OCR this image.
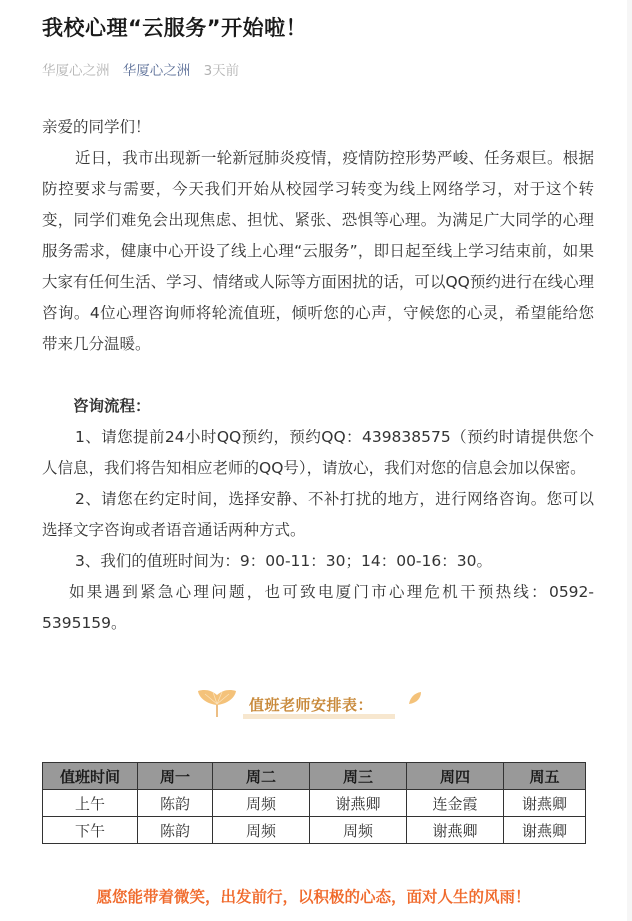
我校心理“云服务”开始啦！
华厦心之洲 华厦心之洲 3天前

亲爱的同学们！

近日，我市出现新一轮新冠肺炎疫情，疫情防控形势严峻、任务艰巨。根据防控要求与需要，今天我们开始从校园学习转变为线上网络学习，对于这个转变，同学们难免会出现焦虑、担忧、紧张、恐惧等心理。为满足广大同学的心理服务需求，健康中心开设了线上心理“云服务”，即日起至线上学习结束前，如果大家有任何生活、学习、情绪或人际等方面困扰的话，可以QQ预约进行在线心理咨询。4位心理咨询师将轮流值班，倾听您的心声，守候您的心灵，希望能给您带来几分温暖。

咨询流程：

1、请您提前24小时QQ预约，预约QQ：439838575（预约时请提供您个人信息，我们将告知相应老师的QQ号），请放心，我们对您的信息会加以保密。

2、请您在约定时间，选择安静、不补打扰的地方，进行网络咨询。您可以选择文字咨询或者语音通话两种方式。

3、我们的值班时间为：9：00-11：30；14：00-16：30。

如果遇到紧急心理问题，也可致电厦门市心理危机干预热线：0592-5395159。

值班老师安排表：
值班时间	周一	周二	周三	周四	周五
上午	陈韵	周频	谢燕卿	连金霞	谢燕卿
下午	陈韵	周频	周频	谢燕卿	谢燕卿
愿您能带着微笑，出发前行，以积极的心态，面对人生的风雨！
